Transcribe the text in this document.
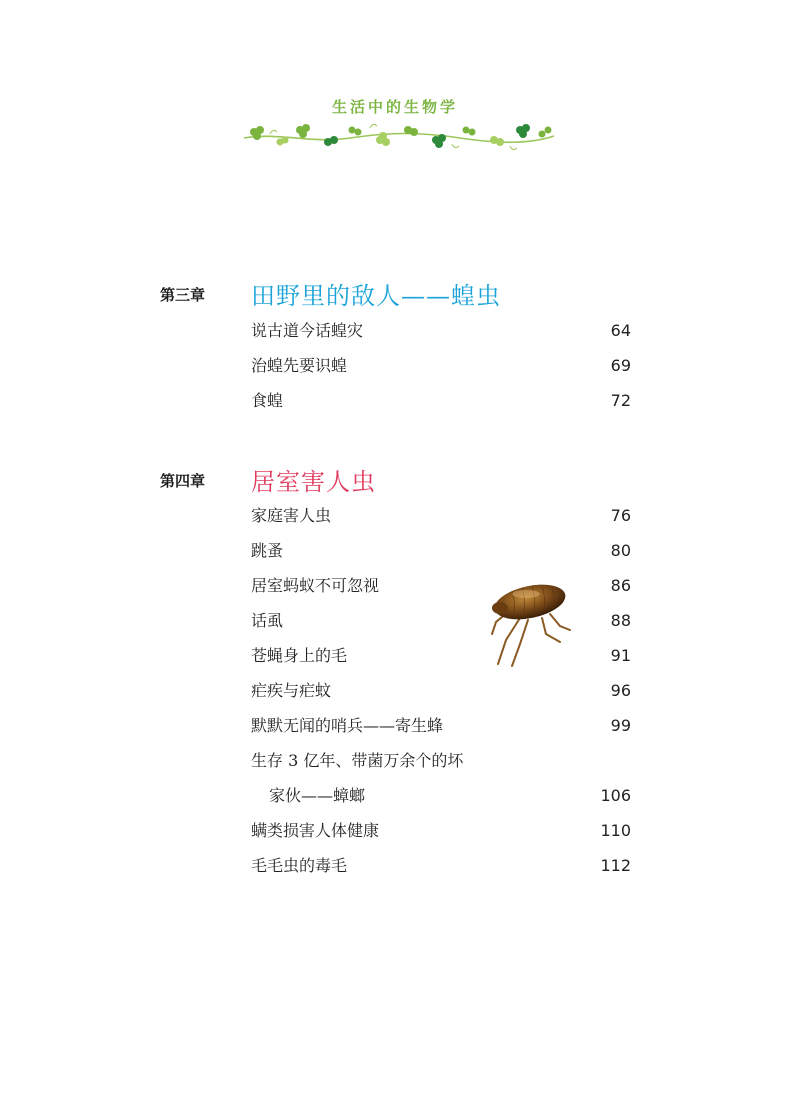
生活中的生物学
第三章 田野里的敌人——蝗虫
说古道今话蝗灾	64
治蝗先要识蝗	69
食蝗	72
第四章 居室害人虫
家庭害人虫	76
跳蚤	80
居室蚂蚁不可忽视	86
话虱	88
苍蝇身上的毛	91
疟疾与疟蚊	96
默默无闻的哨兵——寄生蜂	99
生存 3 亿年、带菌万余个的坏
家伙——蟑螂	106
螨类损害人体健康	110
毛毛虫的毒毛	112
